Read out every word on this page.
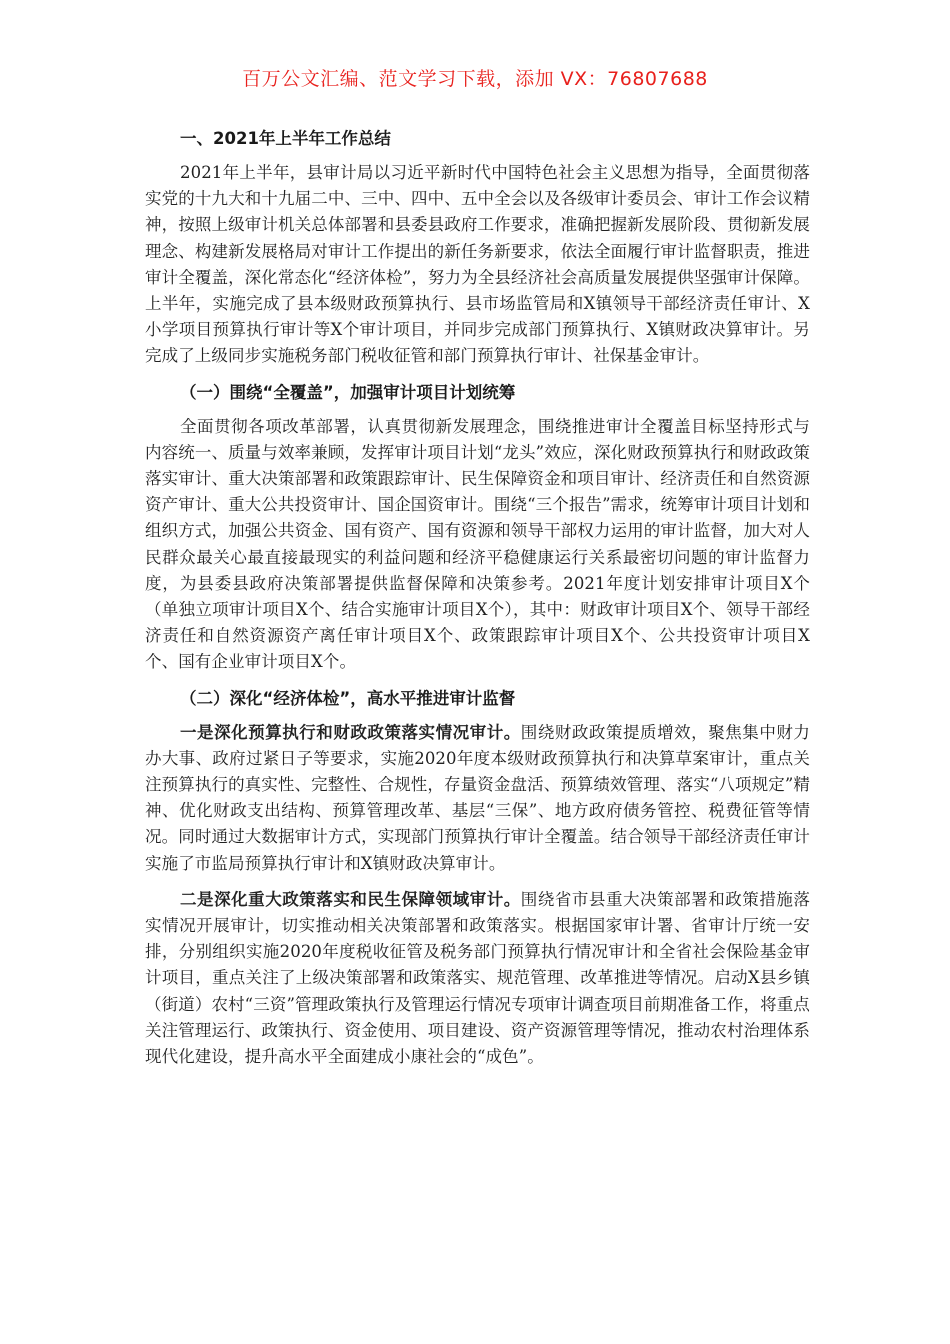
百万公文汇编、范文学习下载，添加 VX：76807688
一、2021年上半年工作总结

2021年上半年，县审计局以习近平新时代中国特色社会主义思想为指导，全面贯彻落实党的十九大和十九届二中、三中、四中、五中全会以及各级审计委员会、审计工作会议精神，按照上级审计机关总体部署和县委县政府工作要求，准确把握新发展阶段、贯彻新发展理念、构建新发展格局对审计工作提出的新任务新要求，依法全面履行审计监督职责，推进审计全覆盖，深化常态化“经济体检”，努力为全县经济社会高质量发展提供坚强审计保障。上半年，实施完成了县本级财政预算执行、县市场监管局和X镇领导干部经济责任审计、X小学项目预算执行审计等X个审计项目，并同步完成部门预算执行、X镇财政决算审计。另完成了上级同步实施税务部门税收征管和部门预算执行审计、社保基金审计。

（一）围绕“全覆盖”，加强审计项目计划统筹

全面贯彻各项改革部署，认真贯彻新发展理念，围绕推进审计全覆盖目标坚持形式与内容统一、质量与效率兼顾，发挥审计项目计划“龙头”效应，深化财政预算执行和财政政策落实审计、重大决策部署和政策跟踪审计、民生保障资金和项目审计、经济责任和自然资源资产审计、重大公共投资审计、国企国资审计。围绕“三个报告”需求，统筹审计项目计划和组织方式，加强公共资金、国有资产、国有资源和领导干部权力运用的审计监督，加大对人民群众最关心最直接最现实的利益问题和经济平稳健康运行关系最密切问题的审计监督力度，为县委县政府决策部署提供监督保障和决策参考。2021年度计划安排审计项目X个（单独立项审计项目X个、结合实施审计项目X个），其中：财政审计项目X个、领导干部经济责任和自然资源资产离任审计项目X个、政策跟踪审计项目X个、公共投资审计项目X个、国有企业审计项目X个。

（二）深化“经济体检”，高水平推进审计监督

一是深化预算执行和财政政策落实情况审计。围绕财政政策提质增效，聚焦集中财力办大事、政府过紧日子等要求，实施2020年度本级财政预算执行和决算草案审计，重点关注预算执行的真实性、完整性、合规性，存量资金盘活、预算绩效管理、落实“八项规定”精神、优化财政支出结构、预算管理改革、基层“三保”、地方政府债务管控、税费征管等情况。同时通过大数据审计方式，实现部门预算执行审计全覆盖。结合领导干部经济责任审计实施了市监局预算执行审计和X镇财政决算审计。

二是深化重大政策落实和民生保障领域审计。围绕省市县重大决策部署和政策措施落实情况开展审计，切实推动相关决策部署和政策落实。根据国家审计署、省审计厅统一安排，分别组织实施2020年度税收征管及税务部门预算执行情况审计和全省社会保险基金审计项目，重点关注了上级决策部署和政策落实、规范管理、改革推进等情况。启动X县乡镇（街道）农村“三资”管理政策执行及管理运行情况专项审计调查项目前期准备工作，将重点关注管理运行、政策执行、资金使用、项目建设、资产资源管理等情况，推动农村治理体系现代化建设，提升高水平全面建成小康社会的“成色”。
